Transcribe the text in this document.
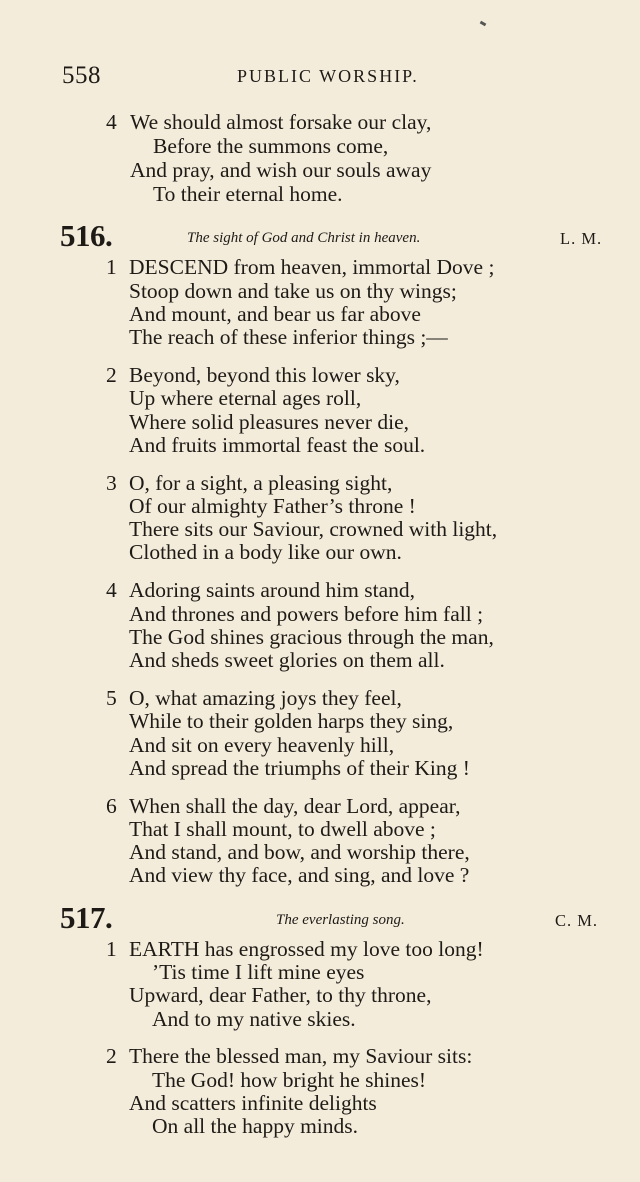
558	PUBLIC WORSHIP.
4 We should almost forsake our clay,
Before the summons come,
And pray, and wish our souls away
To their eternal home.
516.	The sight of God and Christ in heaven.	L. M.
1 DESCEND from heaven, immortal Dove ;
Stoop down and take us on thy wings;
And mount, and bear us far above
The reach of these inferior things ;—
2 Beyond, beyond this lower sky,
Up where eternal ages roll,
Where solid pleasures never die,
And fruits immortal feast the soul.
3 O, for a sight, a pleasing sight,
Of our almighty Father’s throne !
There sits our Saviour, crowned with light,
Clothed in a body like our own.
4 Adoring saints around him stand,
And thrones and powers before him fall ;
The God shines gracious through the man,
And sheds sweet glories on them all.
5 O, what amazing joys they feel,
While to their golden harps they sing,
And sit on every heavenly hill,
And spread the triumphs of their King !
6 When shall the day, dear Lord, appear,
That I shall mount, to dwell above ;
And stand, and bow, and worship there,
And view thy face, and sing, and love ?
517.	The everlasting song.	C. M.
1 EARTH has engrossed my love too long!
’Tis time I lift mine eyes
Upward, dear Father, to thy throne,
And to my native skies.
2 There the blessed man, my Saviour sits:
The God! how bright he shines!
And scatters infinite delights
On all the happy minds.
